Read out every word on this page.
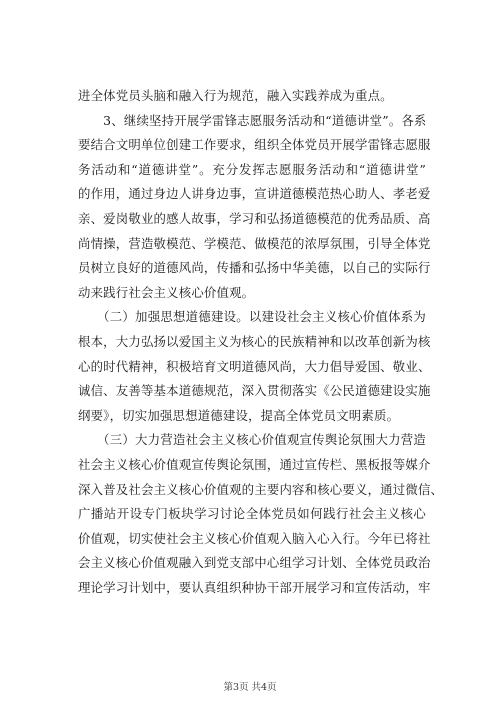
进全体党员头脑和融入行为规范，融入实践养成为重点。
　　3、继续坚持开展学雷锋志愿服务活动和“道德讲堂”。各系
要结合文明单位创建工作要求，组织全体党员开展学雷锋志愿服
务活动和“道德讲堂”。充分发挥志愿服务活动和“道德讲堂”
的作用，通过身边人讲身边事，宣讲道德模范热心助人、孝老爱
亲、爱岗敬业的感人故事，学习和弘扬道德模范的优秀品质、高
尚情操，营造敬模范、学模范、做模范的浓厚氛围，引导全体党
员树立良好的道德风尚，传播和弘扬中华美德，以自己的实际行
动来践行社会主义核心价值观。
　　（二）加强思想道德建设。以建设社会主义核心价值体系为
根本，大力弘扬以爱国主义为核心的民族精神和以改革创新为核
心的时代精神，积极培育文明道德风尚，大力倡导爱国、敬业、
诚信、友善等基本道德规范，深入贯彻落实《公民道德建设实施
纲要》，切实加强思想道德建设，提高全体党员文明素质。
　　（三）大力营造社会主义核心价值观宣传舆论氛围大力营造
社会主义核心价值观宣传舆论氛围，通过宣传栏、黑板报等媒介
深入普及社会主义核心价值观的主要内容和核心要义，通过微信、
广播站开设专门板块学习讨论全体党员如何践行社会主义核心
价值观，切实使社会主义核心价值观入脑入心入行。今年已将社
会主义核心价值观融入到党支部中心组学习计划、全体党员政治
理论学习计划中，要认真组织种协干部开展学习和宣传活动，牢
第3页 共4页
